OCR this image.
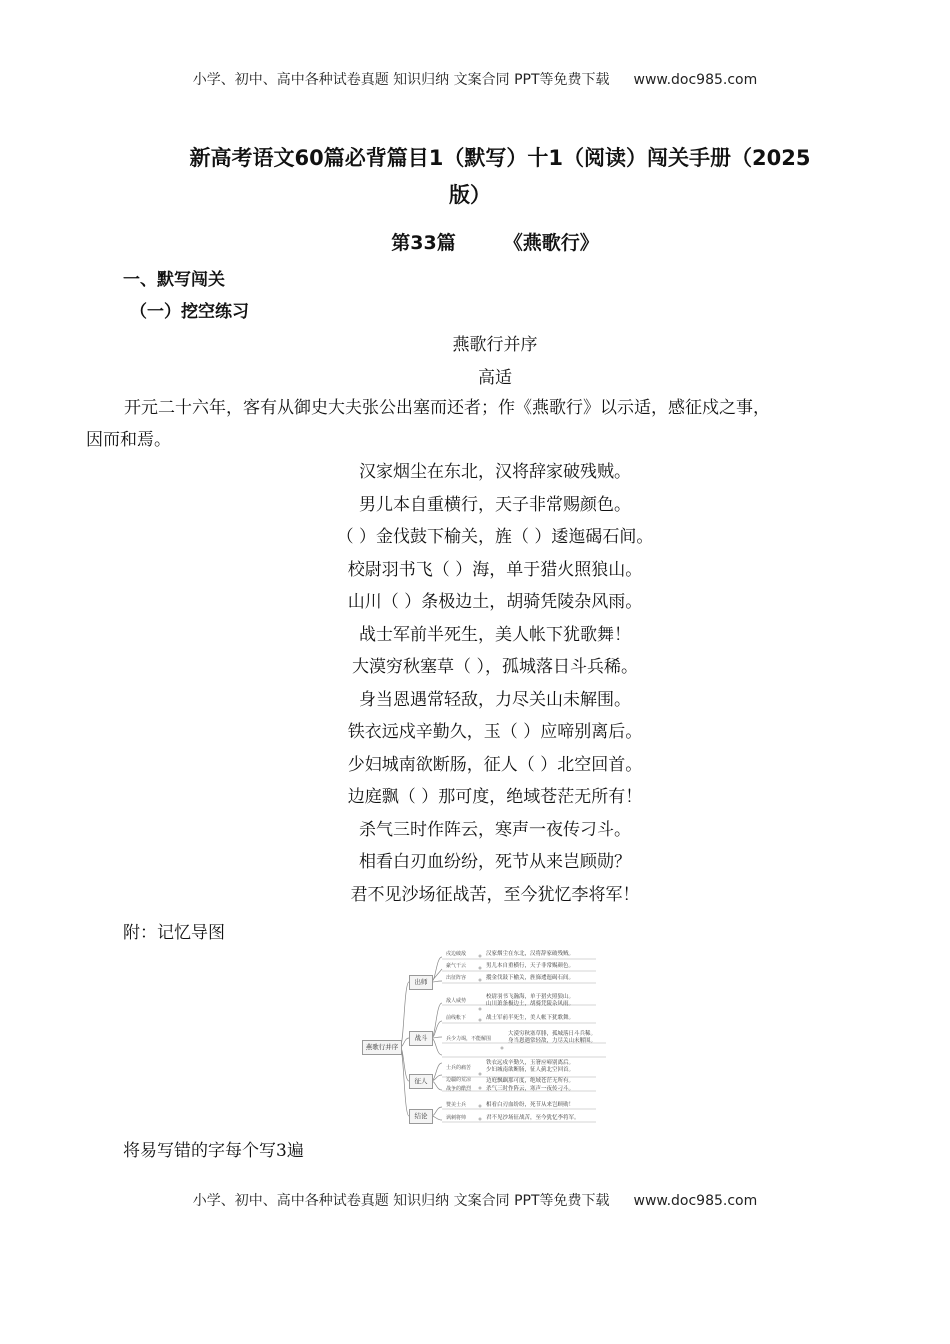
小学、初中、高中各种试卷真题 知识归纳 文案合同 PPT等免费下载 www.doc985.com
新高考语文60篇必背篇目1（默写）十1（阅读）闯关手册（2025
版）
第33篇	《燕歌行》
一、默写闯关
（一）挖空练习
燕歌行并序
高适
开元二十六年，客有从御史大夫张公出塞而还者；作《燕歌行》以示适，感征戍之事，
因而和焉。
汉家烟尘在东北，汉将辞家破残贼。
男儿本自重横行，天子非常赐颜色。
（ ）金伐鼓下榆关，旌（ ）逶迤碣石间。
校尉羽书飞（ ）海，单于猎火照狼山。
山川（ ）条极边土，胡骑凭陵杂风雨。
战士军前半死生，美人帐下犹歌舞！
大漠穷秋塞草（ ），孤城落日斗兵稀。
身当恩遇常轻敌，力尽关山未解围。
铁衣远戍辛勤久，玉（ ）应啼别离后。
少妇城南欲断肠，征人（ ）北空回首。
边庭飘（ ）那可度，绝域苍茫无所有！
杀气三时作阵云，寒声一夜传刁斗。
相看白刃血纷纷，死节从来岂顾勋？
君不见沙场征战苦，至今犹忆李将军！
附：记忆导图
燕歌行并序
出师
战斗
征人
结论
戍边破敌	汉家烟尘在东北，汉将辞家破残贼。
豪气干云	男儿本自重横行，天子非常赐颜色。
出征阵容	摐金伐鼓下榆关，旌旆逶迤碣石间。
校尉羽书飞瀚海，单于猎火照狼山。
敌人威势	山川萧条极边土，胡骑凭陵杂风雨。
前线帐下	战士军前半死生，美人帐下犹歌舞。
大漠穷秋塞草腓，孤城落日斗兵稀。
兵少力竭，不能解围	身当恩遇常轻敌，力尽关山未解围。
铁衣远戍辛勤久，玉箸应啼别离后。
士兵的痛苦	少妇城南欲断肠，征人蓟北空回首。
边疆的荒凉	边庭飘飖那可度，绝域苍茫无所有。
战争的酷烈	杀气三时作阵云，寒声一夜传刁斗。
赞美士兵	相看白刃血纷纷，死节从来岂顾勋！
讽刺将帅	君不见沙场征战苦，至今犹忆李将军。
将易写错的字每个写3遍
小学、初中、高中各种试卷真题 知识归纳 文案合同 PPT等免费下载 www.doc985.com
